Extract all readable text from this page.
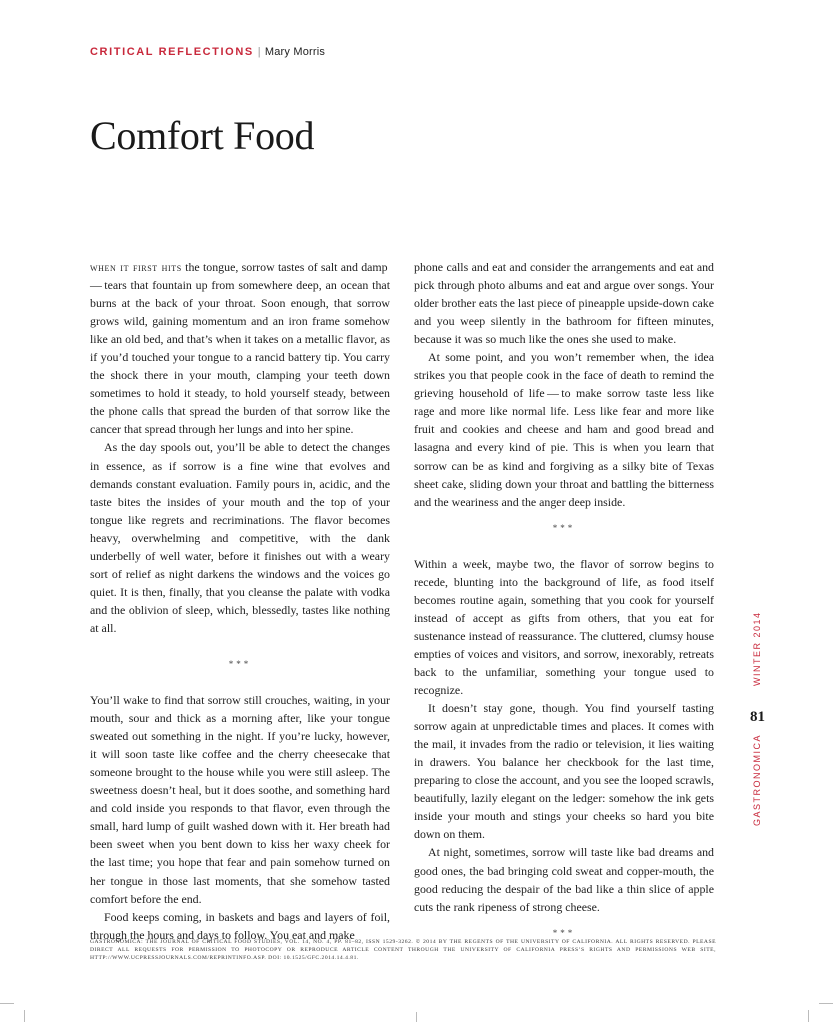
CRITICAL REFLECTIONS | Mary Morris
Comfort Food

when it first hits the tongue, sorrow tastes of salt and damp — tears that fountain up from somewhere deep, an ocean that burns at the back of your throat. Soon enough, that sorrow grows wild, gaining momentum and an iron frame somehow like an old bed, and that’s when it takes on a metallic flavor, as if you’d touched your tongue to a rancid battery tip. You carry the shock there in your mouth, clamping your teeth down sometimes to hold it steady, to hold yourself steady, between the phone calls that spread the burden of that sorrow like the cancer that spread through her lungs and into her spine.

As the day spools out, you’ll be able to detect the changes in essence, as if sorrow is a fine wine that evolves and demands constant evaluation. Family pours in, acidic, and the taste bites the insides of your mouth and the top of your tongue like regrets and recriminations. The flavor becomes heavy, overwhelming and competitive, with the dank underbelly of well water, before it finishes out with a weary sort of relief as night darkens the windows and the voices go quiet. It is then, finally, that you cleanse the palate with vodka and the oblivion of sleep, which, blessedly, tastes like nothing at all.

***

You’ll wake to find that sorrow still crouches, waiting, in your mouth, sour and thick as a morning after, like your tongue sweated out something in the night. If you’re lucky, however, it will soon taste like coffee and the cherry cheesecake that someone brought to the house while you were still asleep. The sweetness doesn’t heal, but it does soothe, and something hard and cold inside you responds to that flavor, even through the small, hard lump of guilt washed down with it. Her breath had been sweet when you bent down to kiss her waxy cheek for the last time; you hope that fear and pain somehow turned on her tongue in those last moments, that she somehow tasted comfort before the end.

Food keeps coming, in baskets and bags and layers of foil, through the hours and days to follow. You eat and make

phone calls and eat and consider the arrangements and eat and pick through photo albums and eat and argue over songs. Your older brother eats the last piece of pineapple upside-down cake and you weep silently in the bathroom for fifteen minutes, because it was so much like the ones she used to make.

At some point, and you won’t remember when, the idea strikes you that people cook in the face of death to remind the grieving household of life — to make sorrow taste less like rage and more like normal life. Less like fear and more like fruit and cookies and cheese and ham and good bread and lasagna and every kind of pie. This is when you learn that sorrow can be as kind and forgiving as a silky bite of Texas sheet cake, sliding down your throat and battling the bitterness and the weariness and the anger deep inside.

***

Within a week, maybe two, the flavor of sorrow begins to recede, blunting into the background of life, as food itself becomes routine again, something that you cook for yourself instead of accept as gifts from others, that you eat for sustenance instead of reassurance. The cluttered, clumsy house empties of voices and visitors, and sorrow, inexorably, retreats back to the unfamiliar, something your tongue used to recognize.

It doesn’t stay gone, though. You find yourself tasting sorrow again at unpredictable times and places. It comes with the mail, it invades from the radio or television, it lies waiting in drawers. You balance her checkbook for the last time, preparing to close the account, and you see the looped scrawls, beautifully, lazily elegant on the ledger: somehow the ink gets inside your mouth and stings your cheeks so hard you bite down on them.

At night, sometimes, sorrow will taste like bad dreams and good ones, the bad bringing cold sweat and copper-mouth, the good reducing the despair of the bad like a thin slice of apple cuts the rank ripeness of strong cheese.

***
WINTER 2014
GASTRONOMICA
81
GASTRONOMICA: THE JOURNAL OF CRITICAL FOOD STUDIES, VOL. 14, NO. 4, PP. 81–82, ISSN 1529-3262. © 2014 BY THE REGENTS OF THE UNIVERSITY OF CALIFORNIA. ALL RIGHTS RESERVED. PLEASE DIRECT ALL REQUESTS FOR PERMISSION TO PHOTOCOPY OR REPRODUCE ARTICLE CONTENT THROUGH THE UNIVERSITY OF CALIFORNIA PRESS’S RIGHTS AND PERMISSIONS WEB SITE, HTTP://WWW.UCPRESSJOURNALS.COM/REPRINTINFO.ASP. DOI: 10.1525/GFC.2014.14.4.81.
